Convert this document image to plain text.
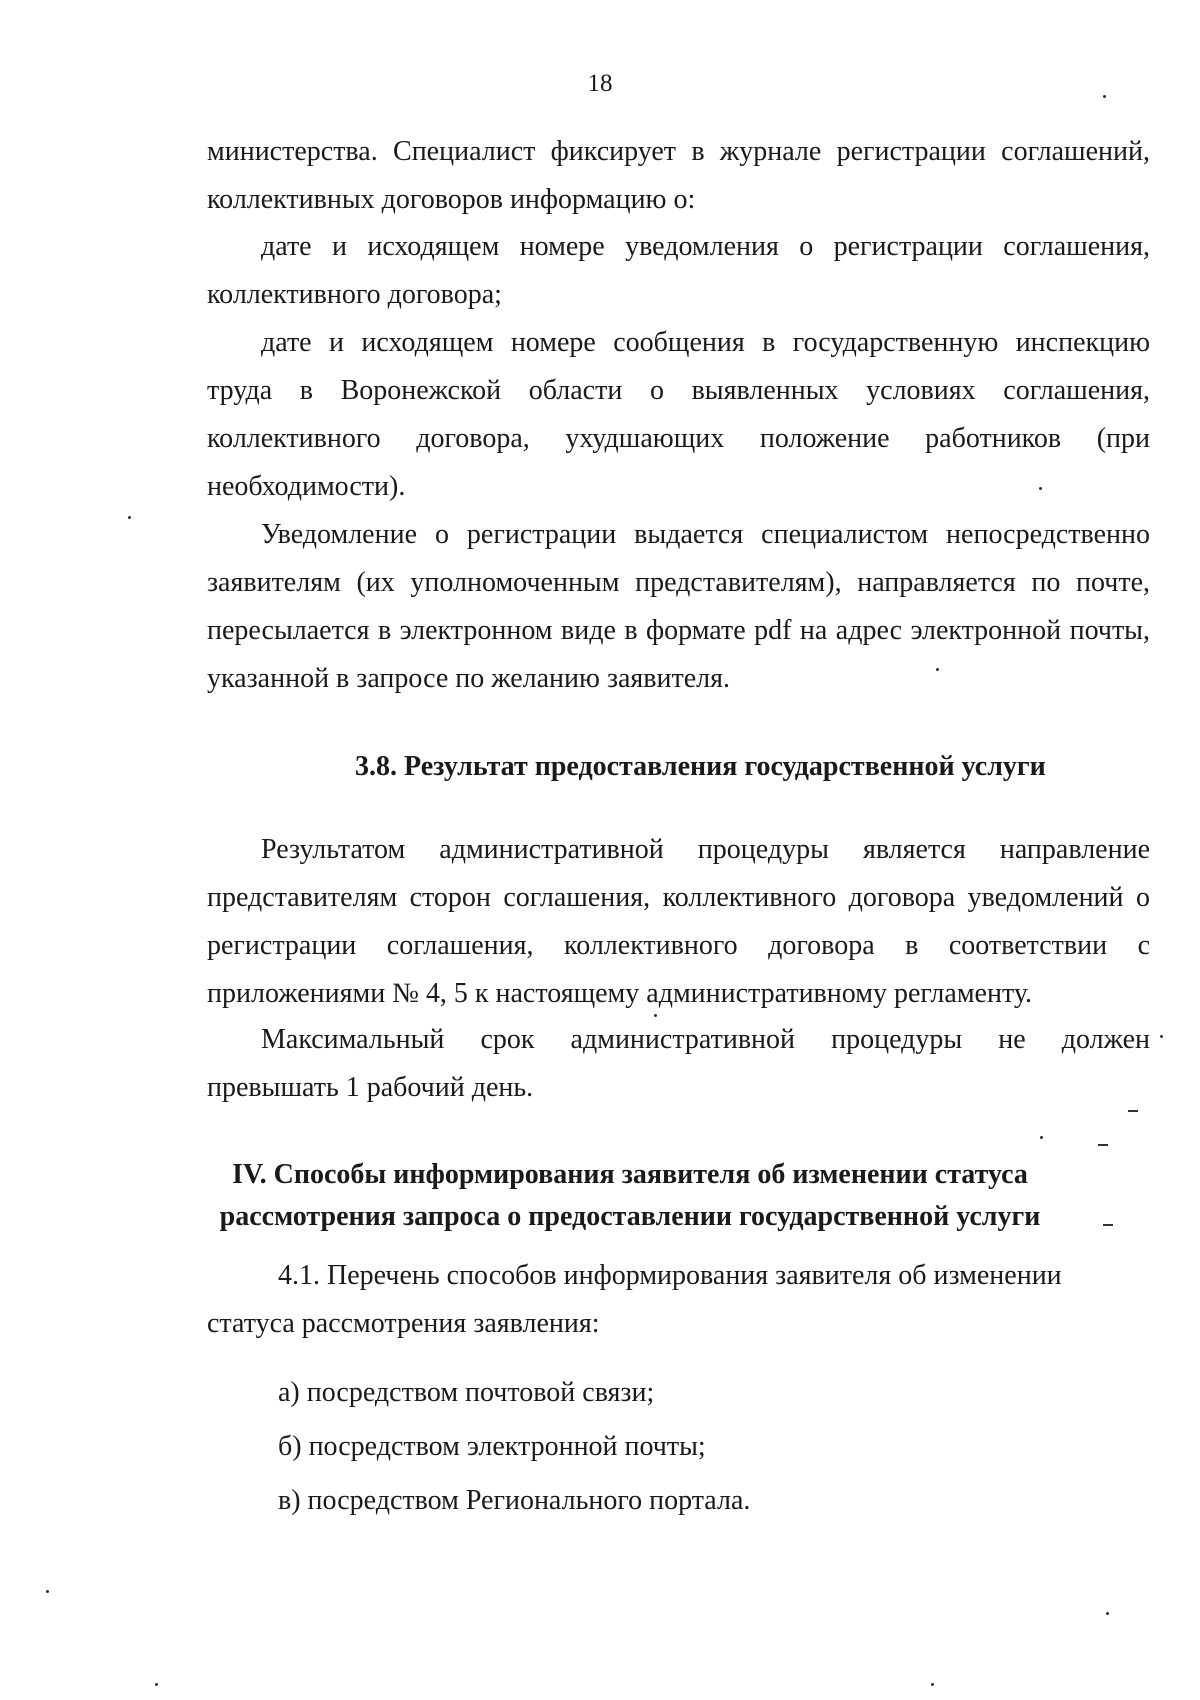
18
министерства. Специалист фиксирует в журнале регистрации соглашений,
коллективных договоров информацию о:
дате и исходящем номере уведомления о регистрации соглашения,
коллективного договора;
дате и исходящем номере сообщения в государственную инспекцию
труда в Воронежской области о выявленных условиях соглашения,
коллективного договора, ухудшающих положение работников (при
необходимости).
Уведомление о регистрации выдается специалистом непосредственно
заявителям (их уполномоченным представителям), направляется по почте,
пересылается в электронном виде в формате pdf на адрес электронной почты,
указанной в запросе по желанию заявителя.
3.8. Результат предоставления государственной услуги
Результатом административной процедуры является направление
представителям сторон соглашения, коллективного договора уведомлений о
регистрации соглашения, коллективного договора в соответствии с
приложениями № 4, 5 к настоящему административному регламенту.
Максимальный срок административной процедуры не должен
превышать 1 рабочий день.
IV. Способы информирования заявителя об изменении статуса
рассмотрения запроса о предоставлении государственной услуги
4.1. Перечень способов информирования заявителя об изменении
статуса рассмотрения заявления:
а) посредством почтовой связи;
б) посредством электронной почты;
в) посредством Регионального портала.
